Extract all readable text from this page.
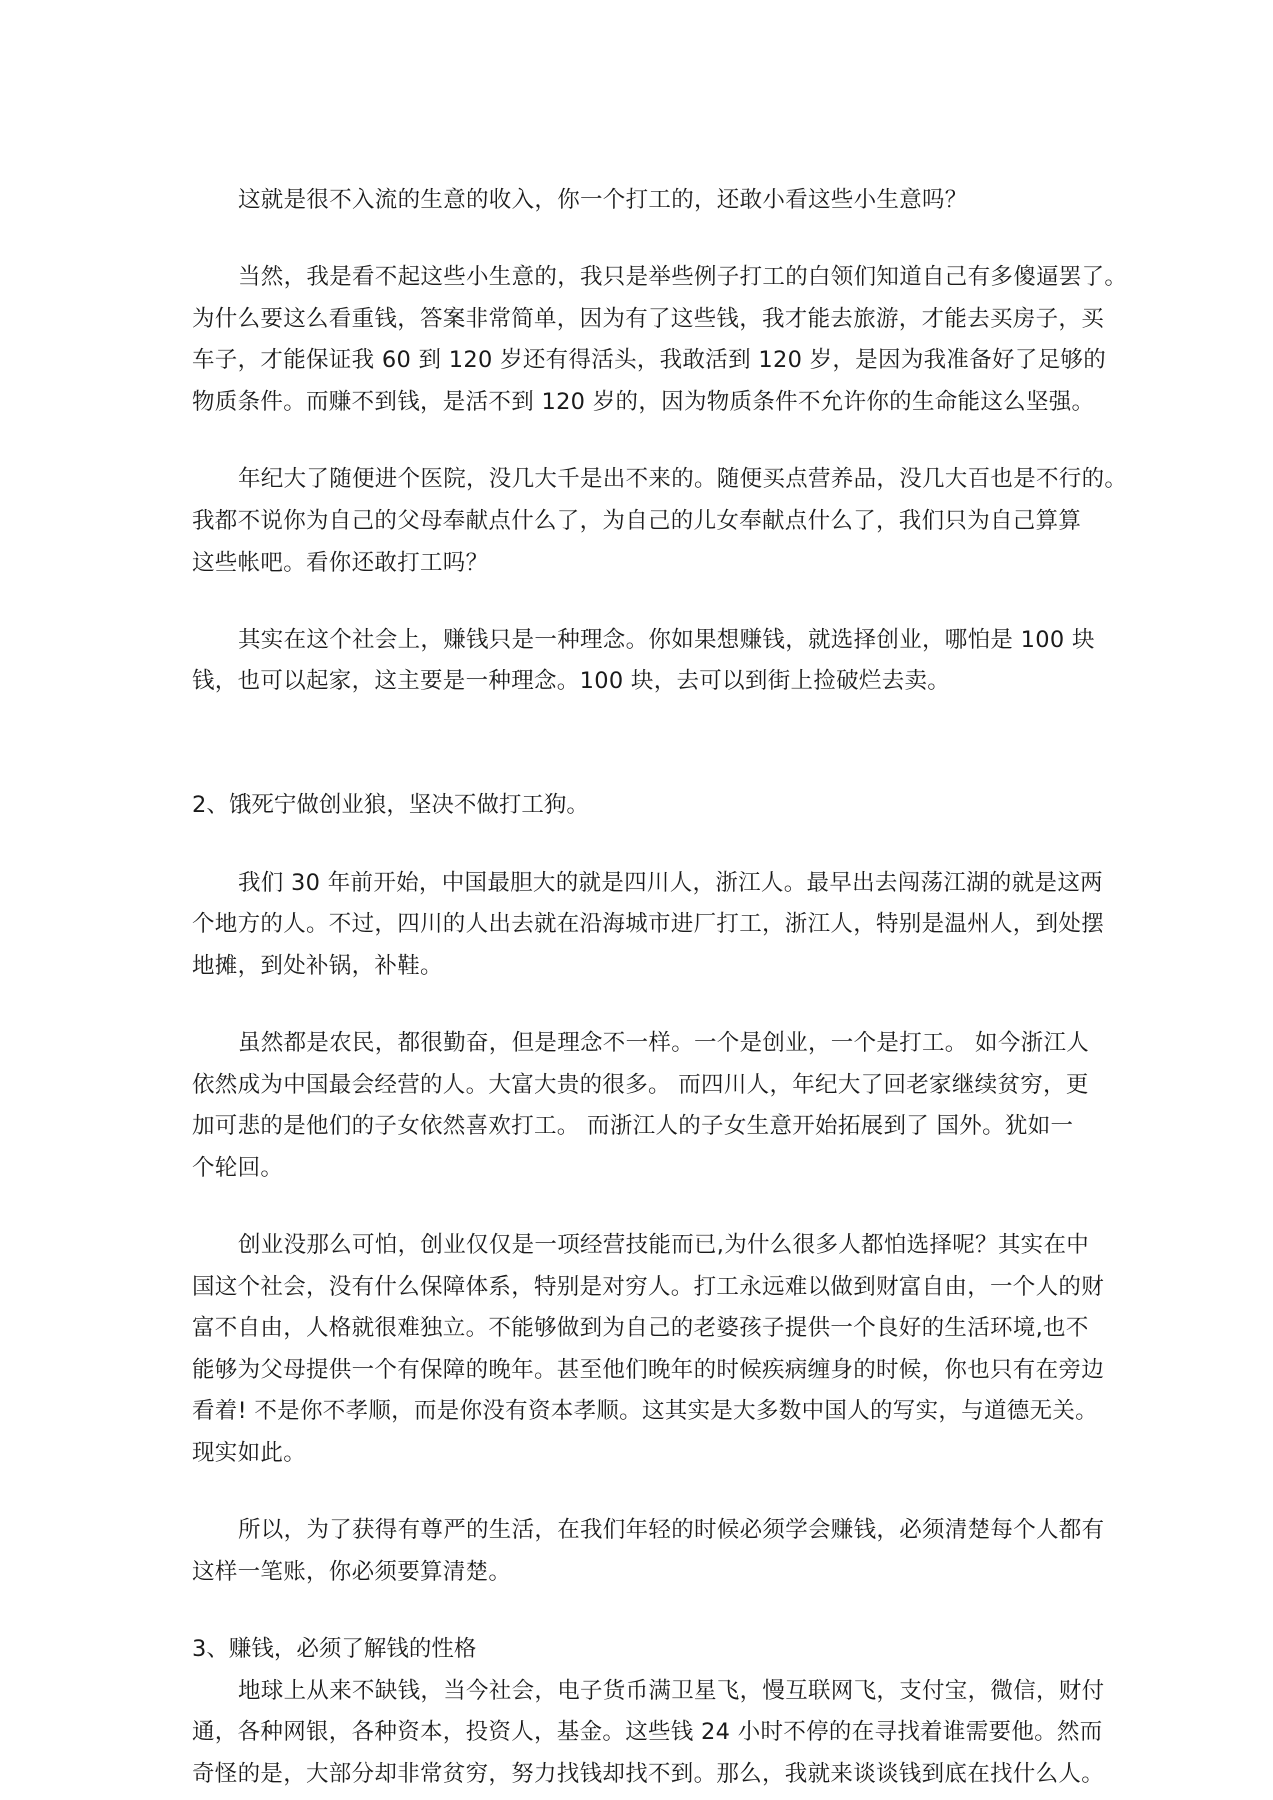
这就是很不入流的生意的收入，你一个打工的，还敢小看这些小生意吗？

当然，我是看不起这些小生意的，我只是举些例子打工的白领们知道自己有多傻逼罢了。

为什么要这么看重钱，答案非常简单，因为有了这些钱，我才能去旅游，才能去买房子，买

车子，才能保证我 60 到 120 岁还有得活头，我敢活到 120 岁，是因为我准备好了足够的

物质条件。而赚不到钱，是活不到 120 岁的，因为物质条件不允许你的生命能这么坚强。

年纪大了随便进个医院，没几大千是出不来的。随便买点营养品，没几大百也是不行的。

我都不说你为自己的父母奉献点什么了，为自己的儿女奉献点什么了，我们只为自己算算

这些帐吧。看你还敢打工吗？

其实在这个社会上，赚钱只是一种理念。你如果想赚钱，就选择创业，哪怕是 100 块

钱，也可以起家，这主要是一种理念。100 块，去可以到街上捡破烂去卖。

2、饿死宁做创业狼，坚决不做打工狗。

我们 30 年前开始，中国最胆大的就是四川人，浙江人。最早出去闯荡江湖的就是这两

个地方的人。不过，四川的人出去就在沿海城市进厂打工，浙江人，特别是温州人，到处摆

地摊，到处补锅，补鞋。

虽然都是农民，都很勤奋，但是理念不一样。一个是创业，一个是打工。 如今浙江人

依然成为中国最会经营的人。大富大贵的很多。 而四川人，年纪大了回老家继续贫穷，更

加可悲的是他们的子女依然喜欢打工。 而浙江人的子女生意开始拓展到了 国外。犹如一

个轮回。

创业没那么可怕，创业仅仅是一项经营技能而已,为什么很多人都怕选择呢？其实在中

国这个社会，没有什么保障体系，特别是对穷人。打工永远难以做到财富自由，一个人的财

富不自由，人格就很难独立。不能够做到为自己的老婆孩子提供一个良好的生活环境,也不

能够为父母提供一个有保障的晚年。甚至他们晚年的时候疾病缠身的时候，你也只有在旁边

看着! 不是你不孝顺，而是你没有资本孝顺。这其实是大多数中国人的写实，与道德无关。

现实如此。

所以，为了获得有尊严的生活，在我们年轻的时候必须学会赚钱，必须清楚每个人都有

这样一笔账，你必须要算清楚。

3、赚钱，必须了解钱的性格

地球上从来不缺钱，当今社会，电子货币满卫星飞，慢互联网飞，支付宝，微信，财付

通，各种网银，各种资本，投资人，基金。这些钱 24 小时不停的在寻找着谁需要他。然而

奇怪的是，大部分却非常贫穷，努力找钱却找不到。那么，我就来谈谈钱到底在找什么人。
